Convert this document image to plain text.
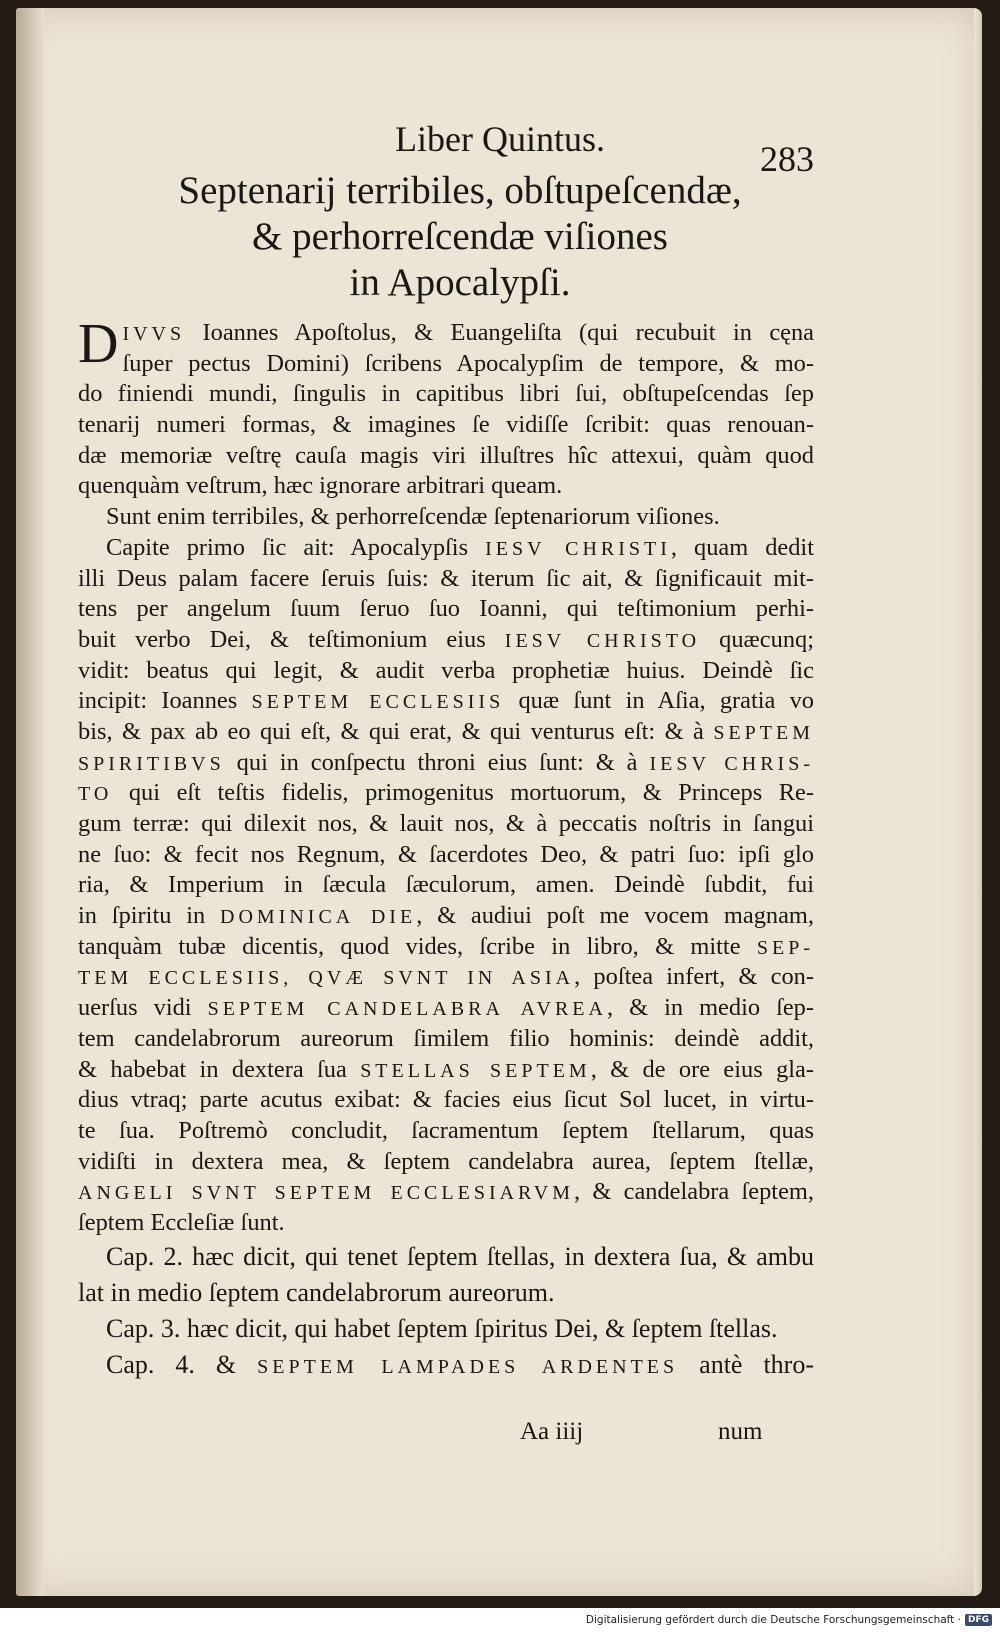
Liber Quintus.	283
Septenarij terribiles, obſtupeſcendæ,
& perhorreſcendæ viſiones
in Apocalypſi.
D IVVS Ioannes Apoſtolus, & Euangeliſta (qui recubuit in cęna
ſuper pectus Domini) ſcribens Apocalypſim de tempore, & mo-
do finiendi mundi, ſingulis in capitibus libri ſui, obſtupeſcendas ſep
tenarij numeri formas, & imagines ſe vidiſſe ſcribit: quas renouan-
dæ memoriæ veſtrę cauſa magis viri illuſtres hîc attexui, quàm quod
quenquàm veſtrum, hæc ignorare arbitrari queam.
Sunt enim terribiles, & perhorreſcendæ ſeptenariorum viſiones.
Capite primo ſic ait: Apocalypſis IESV CHRISTI, quam dedit
illi Deus palam facere ſeruis ſuis: & iterum ſic ait, & ſignificauit mit-
tens per angelum ſuum ſeruo ſuo Ioanni, qui teſtimonium perhi-
buit verbo Dei, & teſtimonium eius IESV CHRISTO quæcunq;
vidit: beatus qui legit, & audit verba prophetiæ huius. Deindè ſic
incipit: Ioannes SEPTEM ECCLESIIS quæ ſunt in Aſia, gratia vo
bis, & pax ab eo qui eſt, & qui erat, & qui venturus eſt: & à SEPTEM
SPIRITIBVS qui in conſpectu throni eius ſunt: & à IESV CHRIS-
TO qui eſt teſtis fidelis, primogenitus mortuorum, & Princeps Re-
gum terræ: qui dilexit nos, & lauit nos, & à peccatis noſtris in ſangui
ne ſuo: & fecit nos Regnum, & ſacerdotes Deo, & patri ſuo: ipſi glo
ria, & Imperium in ſæcula ſæculorum, amen. Deindè ſubdit, fui
in ſpiritu in DOMINICA DIE, & audiui poſt me vocem magnam,
tanquàm tubæ dicentis, quod vides, ſcribe in libro, & mitte SEP-
TEM ECCLESIIS, QVÆ SVNT IN ASIA, poſtea infert, & con-
uerſus vidi SEPTEM CANDELABRA AVREA, & in medio ſep-
tem candelabrorum aureorum ſimilem filio hominis: deindè addit,
& habebat in dextera ſua STELLAS SEPTEM, & de ore eius gla-
dius vtraq; parte acutus exibat: & facies eius ſicut Sol lucet, in virtu-
te ſua. Poſtremò concludit, ſacramentum ſeptem ſtellarum, quas
vidiſti in dextera mea, & ſeptem candelabra aurea, ſeptem ſtellæ,
ANGELI SVNT SEPTEM ECCLESIARVM, & candelabra ſeptem,
ſeptem Eccleſiæ ſunt.
Cap. 2. hæc dicit, qui tenet ſeptem ſtellas, in dextera ſua, & ambu
lat in medio ſeptem candelabrorum aureorum.
Cap. 3. hæc dicit, qui habet ſeptem ſpiritus Dei, & ſeptem ſtellas.
Cap. 4. & SEPTEM LAMPADES ARDENTES antè thro-
Aa iiij	num
Digitalisierung gefördert durch die Deutsche Forschungsgemeinschaft · DFG
